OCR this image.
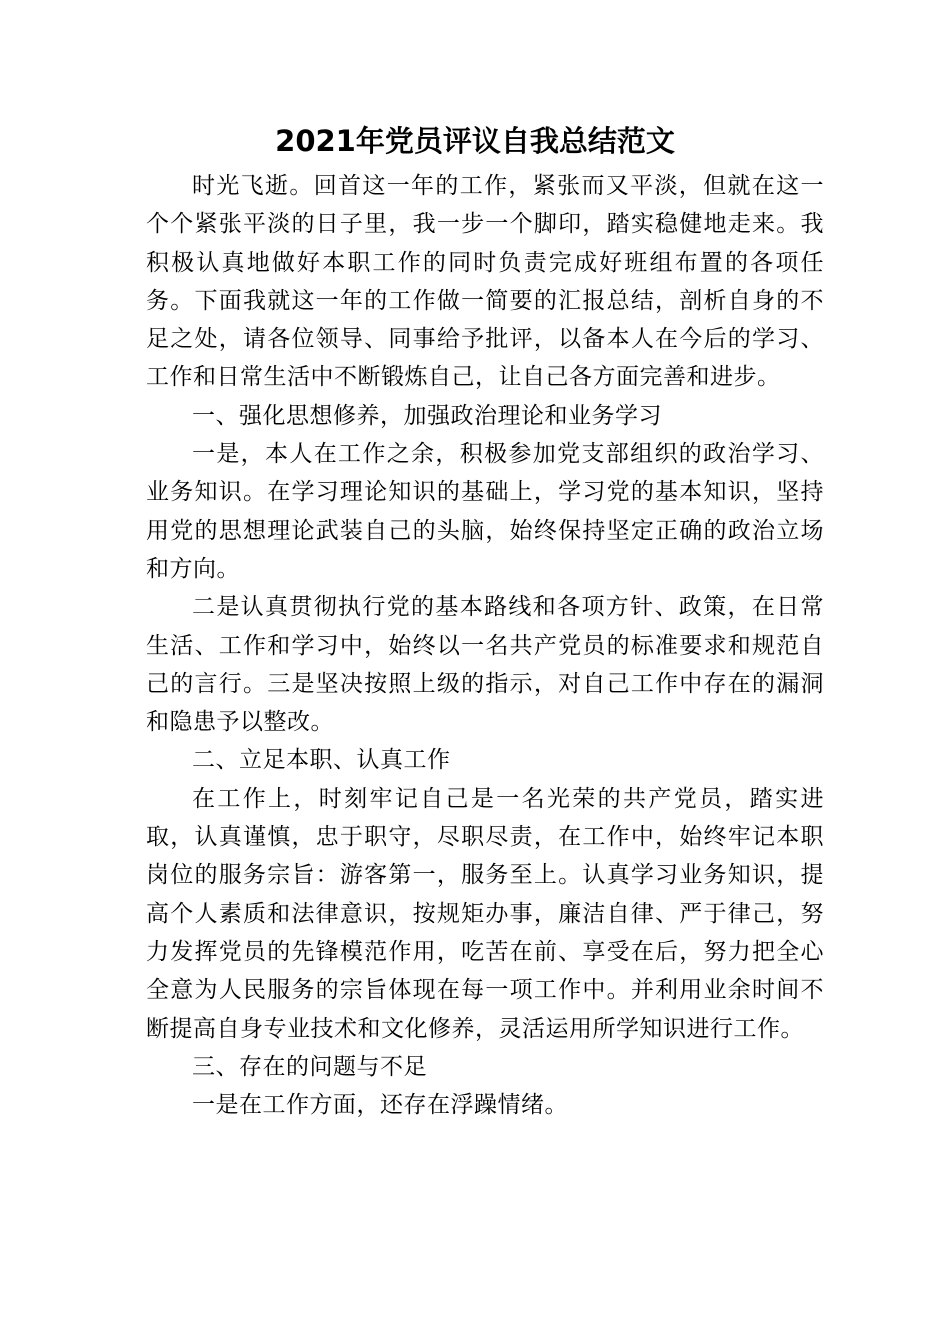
2021年党员评议自我总结范文

时光飞逝。回首这一年的工作，紧张而又平淡，但就在这一个个紧张平淡的日子里，我一步一个脚印，踏实稳健地走来。我积极认真地做好本职工作的同时负责完成好班组布置的各项任务。下面我就这一年的工作做一简要的汇报总结，剖析自身的不足之处，请各位领导、同事给予批评，以备本人在今后的学习、工作和日常生活中不断锻炼自己，让自己各方面完善和进步。

一、强化思想修养，加强政治理论和业务学习

一是，本人在工作之余，积极参加党支部组织的政治学习、业务知识。在学习理论知识的基础上，学习党的基本知识，坚持用党的思想理论武装自己的头脑，始终保持坚定正确的政治立场和方向。

二是认真贯彻执行党的基本路线和各项方针、政策，在日常生活、工作和学习中，始终以一名共产党员的标准要求和规范自己的言行。三是坚决按照上级的指示，对自己工作中存在的漏洞和隐患予以整改。

二、立足本职、认真工作

在工作上，时刻牢记自己是一名光荣的共产党员，踏实进取，认真谨慎，忠于职守，尽职尽责，在工作中，始终牢记本职岗位的服务宗旨：游客第一，服务至上。认真学习业务知识，提高个人素质和法律意识，按规矩办事，廉洁自律、严于律己，努力发挥党员的先锋模范作用，吃苦在前、享受在后，努力把全心全意为人民服务的宗旨体现在每一项工作中。并利用业余时间不断提高自身专业技术和文化修养，灵活运用所学知识进行工作。

三、存在的问题与不足

一是在工作方面，还存在浮躁情绪。
